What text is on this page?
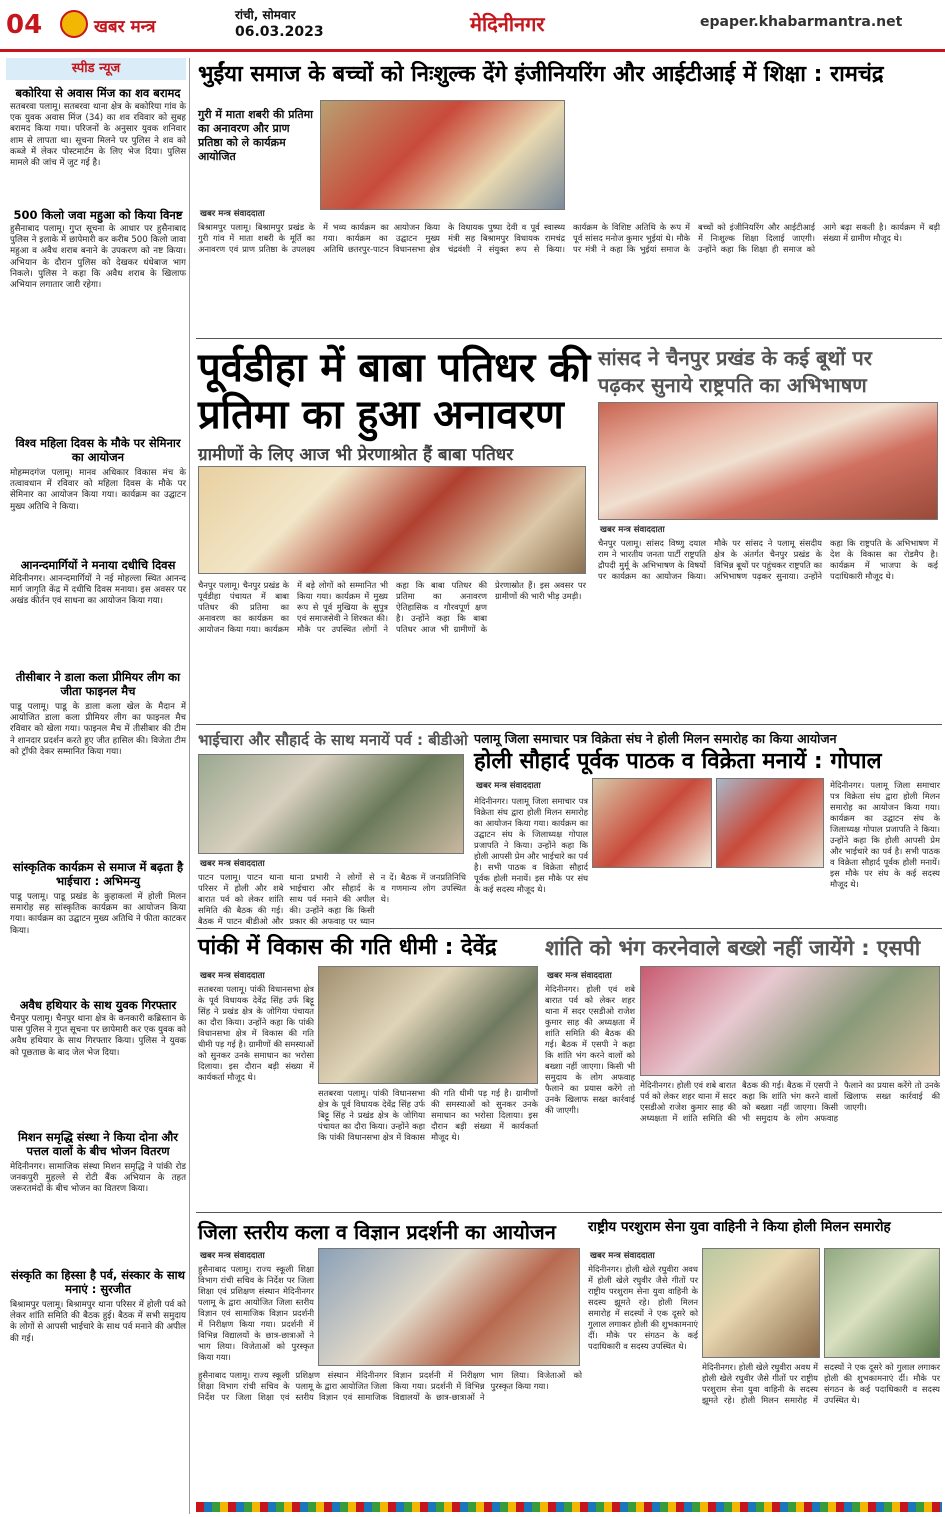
04	खबर मन्त्र
रांची, सोमवार
06.03.2023	मेदिनीनगर	epaper.khabarmantra.net
स्पीड न्यूज
बकोरिया से अवास मिंज का शव बरामद
सतबरवा पलामू। सतबरवा थाना क्षेत्र के बकोरिया गांव के एक युवक अवास मिंज (34) का शव रविवार को सुबह बरामद किया गया। परिजनों के अनुसार युवक शनिवार शाम से लापता था। सूचना मिलने पर पुलिस ने शव को कब्जे में लेकर पोस्टमार्टम के लिए भेज दिया। पुलिस मामले की जांच में जुट गई है।
500 किलो जवा महुआ को किया विनष्ट
हुसैनाबाद पलामू। गुप्त सूचना के आधार पर हुसैनाबाद पुलिस ने इलाके में छापेमारी कर करीब 500 किलो जावा महुआ व अवैध शराब बनाने के उपकरण को नष्ट किया। अभियान के दौरान पुलिस को देखकर धंधेबाज भाग निकले। पुलिस ने कहा कि अवैध शराब के खिलाफ अभियान लगातार जारी रहेगा।
विश्व महिला दिवस के मौके पर सेमिनार का आयोजन
मोहम्मदगंज पलामू। मानव अधिकार विकास मंच के तत्वावधान में रविवार को महिला दिवस के मौके पर सेमिनार का आयोजन किया गया। कार्यक्रम का उद्घाटन मुख्य अतिथि ने किया।
आनन्दमार्गियों ने मनाया दधीचि दिवस
मेदिनीनगर। आनन्दमार्गियों ने नई मोहल्ला स्थित आनन्द मार्ग जागृति केंद्र में दधीचि दिवस मनाया। इस अवसर पर अखंड कीर्तन एवं साधना का आयोजन किया गया।
तीसीबार ने डाला कला प्रीमियर लीग का जीता फाइनल मैच
पाडू पलामू। पाडू के डाला कला खेल के मैदान में आयोजित डाला कला प्रीमियर लीग का फाइनल मैच रविवार को खेला गया। फाइनल मैच में तीसीबार की टीम ने शानदार प्रदर्शन करते हुए जीत हासिल की। विजेता टीम को ट्रॉफी देकर सम्मानित किया गया।
सांस्कृतिक कार्यक्रम से समाज में बढ़ता है भाईचारा : अभिमन्यु
पाडू पलामू। पाडू प्रखंड के कुहाकलां में होली मिलन समारोह सह सांस्कृतिक कार्यक्रम का आयोजन किया गया। कार्यक्रम का उद्घाटन मुख्य अतिथि ने फीता काटकर किया।
अवैध हथियार के साथ युवक गिरफ्तार
चैनपुर पलामू। चैनपुर थाना क्षेत्र के कनकारी कब्रिस्तान के पास पुलिस ने गुप्त सूचना पर छापेमारी कर एक युवक को अवैध हथियार के साथ गिरफ्तार किया। पुलिस ने युवक को पूछताछ के बाद जेल भेज दिया।
मिशन समृद्धि संस्था ने किया दोना और पत्तल वालों के बीच भोजन वितरण
मेदिनीनगर। सामाजिक संस्था मिशन समृद्धि ने पांकी रोड जनकपुरी मुहल्ले से रोटी बैंक अभियान के तहत जरूरतमंदों के बीच भोजन का वितरण किया।
संस्कृति का हिस्सा है पर्व, संस्कार के साथ मनाएं : सुरजीत
बिश्रामपुर पलामू। बिश्रामपुर थाना परिसर में होली पर्व को लेकर शांति समिति की बैठक हुई। बैठक में सभी समुदाय के लोगों से आपसी भाईचारे के साथ पर्व मनाने की अपील की गई।
भुईंया समाज के बच्चों को निःशुल्क देंगे इंजीनियरिंग और आईटीआई में शिक्षा : रामचंद्र
गुरी में माता शबरी की प्रतिमा का अनावरण और प्राण प्रतिष्ठा को ले कार्यक्रम आयोजित
खबर मन्त्र संवाददाता
बिश्रामपुर पलामू। बिश्रामपुर प्रखंड के गुरी गांव में माता शबरी के मूर्ति का अनावरण एवं प्राण प्रतिष्ठा के उपलक्ष्य में भव्य कार्यक्रम का आयोजन किया गया। कार्यक्रम का उद्घाटन मुख्य अतिथि छतरपुर-पाटन विधानसभा क्षेत्र के विधायक पुष्पा देवी व पूर्व स्वास्थ्य मंत्री सह बिश्रामपुर विधायक रामचंद्र चंद्रवंशी ने संयुक्त रूप से किया। कार्यक्रम के विशिष्ट अतिथि के रूप में पूर्व सांसद मनोज कुमार भुईयां थे। मौके पर मंत्री ने कहा कि भुईयां समाज के बच्चों को इंजीनियरिंग और आईटीआई में निःशुल्क शिक्षा दिलाई जाएगी। उन्होंने कहा कि शिक्षा ही समाज को आगे बढ़ा सकती है। कार्यक्रम में बड़ी संख्या में ग्रामीण मौजूद थे।
पूर्वडीहा में बाबा पतिधर की
प्रतिमा का हुआ अनावरण
ग्रामीणों के लिए आज भी प्रेरणाश्रोत हैं बाबा पतिधर
चैनपुर पलामू। चैनपुर प्रखंड के पूर्वडीहा पंचायत में बाबा पतिधर की प्रतिमा का अनावरण का कार्यक्रम का आयोजन किया गया। कार्यक्रम में बड़े लोगों को सम्मानित भी किया गया। कार्यक्रम में मुख्य रूप से पूर्व मुखिया के सुपुत्र एवं समाजसेवी ने शिरकत की। मौके पर उपस्थित लोगों ने कहा कि बाबा पतिधर की प्रतिमा का अनावरण ऐतिहासिक व गौरवपूर्ण क्षण है। उन्होंने कहा कि बाबा पतिधर आज भी ग्रामीणों के प्रेरणास्रोत हैं। इस अवसर पर ग्रामीणों की भारी भीड़ उमड़ी।
सांसद ने चैनपुर प्रखंड के कई बूथों पर
पढ़कर सुनाये राष्ट्रपति का अभिभाषण
खबर मन्त्र संवाददाता
चैनपुर पलामू। सांसद विष्णु दयाल राम ने भारतीय जनता पार्टी राष्ट्रपति द्रौपदी मुर्मू के अभिभाषण के विषयों पर कार्यक्रम का आयोजन किया। मौके पर सांसद ने पलामू संसदीय क्षेत्र के अंतर्गत चैनपुर प्रखंड के विभिन्न बूथों पर पहुंचकर राष्ट्रपति का अभिभाषण पढ़कर सुनाया। उन्होंने कहा कि राष्ट्रपति के अभिभाषण में देश के विकास का रोडमैप है। कार्यक्रम में भाजपा के कई पदाधिकारी मौजूद थे।
भाईचारा और सौहार्द के साथ मनायें पर्व : बीडीओ
खबर मन्त्र संवाददाता
पाटन पलामू। पाटन थाना परिसर में होली और शबे बारात पर्व को लेकर शांति समिति की बैठक की गई। बैठक में पाटन बीडीओ और थाना प्रभारी ने लोगों से भाईचारा और सौहार्द के साथ पर्व मनाने की अपील की। उन्होंने कहा कि किसी प्रकार की अफवाह पर ध्यान न दें। बैठक में जनप्रतिनिधि व गणमान्य लोग उपस्थित थे।
पलामू जिला समाचार पत्र विक्रेता संघ ने होली मिलन समारोह का किया आयोजन
होली सौहार्द पूर्वक पाठक व विक्रेता मनायें : गोपाल
खबर मन्त्र संवाददाता
मेदिनीनगर। पलामू जिला समाचार पत्र विक्रेता संघ द्वारा होली मिलन समारोह का आयोजन किया गया। कार्यक्रम का उद्घाटन संघ के जिलाध्यक्ष गोपाल प्रजापति ने किया। उन्होंने कहा कि होली आपसी प्रेम और भाईचारे का पर्व है। सभी पाठक व विक्रेता सौहार्द पूर्वक होली मनायें। इस मौके पर संघ के कई सदस्य मौजूद थे।
मेदिनीनगर। पलामू जिला समाचार पत्र विक्रेता संघ द्वारा होली मिलन समारोह का आयोजन किया गया। कार्यक्रम का उद्घाटन संघ के जिलाध्यक्ष गोपाल प्रजापति ने किया। उन्होंने कहा कि होली आपसी प्रेम और भाईचारे का पर्व है। सभी पाठक व विक्रेता सौहार्द पूर्वक होली मनायें। इस मौके पर संघ के कई सदस्य मौजूद थे।
पांकी में विकास की गति धीमी : देवेंद्र
खबर मन्त्र संवाददाता
सतबरवा पलामू। पांकी विधानसभा क्षेत्र के पूर्व विधायक देवेंद्र सिंह उर्फ बिट्टू सिंह ने प्रखंड क्षेत्र के जोगिया पंचायत का दौरा किया। उन्होंने कहा कि पांकी विधानसभा क्षेत्र में विकास की गति धीमी पड़ गई है। ग्रामीणों की समस्याओं को सुनकर उनके समाधान का भरोसा दिलाया। इस दौरान बड़ी संख्या में कार्यकर्ता मौजूद थे।
सतबरवा पलामू। पांकी विधानसभा क्षेत्र के पूर्व विधायक देवेंद्र सिंह उर्फ बिट्टू सिंह ने प्रखंड क्षेत्र के जोगिया पंचायत का दौरा किया। उन्होंने कहा कि पांकी विधानसभा क्षेत्र में विकास की गति धीमी पड़ गई है। ग्रामीणों की समस्याओं को सुनकर उनके समाधान का भरोसा दिलाया। इस दौरान बड़ी संख्या में कार्यकर्ता मौजूद थे।
शांति को भंग करनेवाले बख्शे नहीं जायेंगे : एसपी
खबर मन्त्र संवाददाता
मेदिनीनगर। होली एवं शबे बारात पर्व को लेकर शहर थाना में सदर एसडीओ राजेश कुमार साह की अध्यक्षता में शांति समिति की बैठक की गई। बैठक में एसपी ने कहा कि शांति भंग करने वालों को बख्शा नहीं जाएगा। किसी भी समुदाय के लोग अफवाह फैलाने का प्रयास करेंगे तो उनके खिलाफ सख्त कार्रवाई की जाएगी।
मेदिनीनगर। होली एवं शबे बारात पर्व को लेकर शहर थाना में सदर एसडीओ राजेश कुमार साह की अध्यक्षता में शांति समिति की बैठक की गई। बैठक में एसपी ने कहा कि शांति भंग करने वालों को बख्शा नहीं जाएगा। किसी भी समुदाय के लोग अफवाह फैलाने का प्रयास करेंगे तो उनके खिलाफ सख्त कार्रवाई की जाएगी।
जिला स्तरीय कला व विज्ञान प्रदर्शनी का आयोजन
खबर मन्त्र संवाददाता
हुसैनाबाद पलामू। राज्य स्कूली शिक्षा विभाग रांची सचिव के निर्देश पर जिला शिक्षा एवं प्रशिक्षण संस्थान मेदिनीनगर पलामू के द्वारा आयोजित जिला स्तरीय विज्ञान एवं सामाजिक विज्ञान प्रदर्शनी में निरीक्षण किया गया। प्रदर्शनी में विभिन्न विद्यालयों के छात्र-छात्राओं ने भाग लिया। विजेताओं को पुरस्कृत किया गया।
हुसैनाबाद पलामू। राज्य स्कूली शिक्षा विभाग रांची सचिव के निर्देश पर जिला शिक्षा एवं प्रशिक्षण संस्थान मेदिनीनगर पलामू के द्वारा आयोजित जिला स्तरीय विज्ञान एवं सामाजिक विज्ञान प्रदर्शनी में निरीक्षण किया गया। प्रदर्शनी में विभिन्न विद्यालयों के छात्र-छात्राओं ने भाग लिया। विजेताओं को पुरस्कृत किया गया।
राष्ट्रीय परशुराम सेना युवा वाहिनी ने किया होली मिलन समारोह
खबर मन्त्र संवाददाता
मेदिनीनगर। होली खेले रघुवीरा अवध में होली खेले रघुवीर जैसे गीतों पर राष्ट्रीय परशुराम सेना युवा वाहिनी के सदस्य झूमते रहे। होली मिलन समारोह में सदस्यों ने एक दूसरे को गुलाल लगाकर होली की शुभकामनाएं दीं। मौके पर संगठन के कई पदाधिकारी व सदस्य उपस्थित थे।
मेदिनीनगर। होली खेले रघुवीरा अवध में होली खेले रघुवीर जैसे गीतों पर राष्ट्रीय परशुराम सेना युवा वाहिनी के सदस्य झूमते रहे। होली मिलन समारोह में सदस्यों ने एक दूसरे को गुलाल लगाकर होली की शुभकामनाएं दीं। मौके पर संगठन के कई पदाधिकारी व सदस्य उपस्थित थे।
